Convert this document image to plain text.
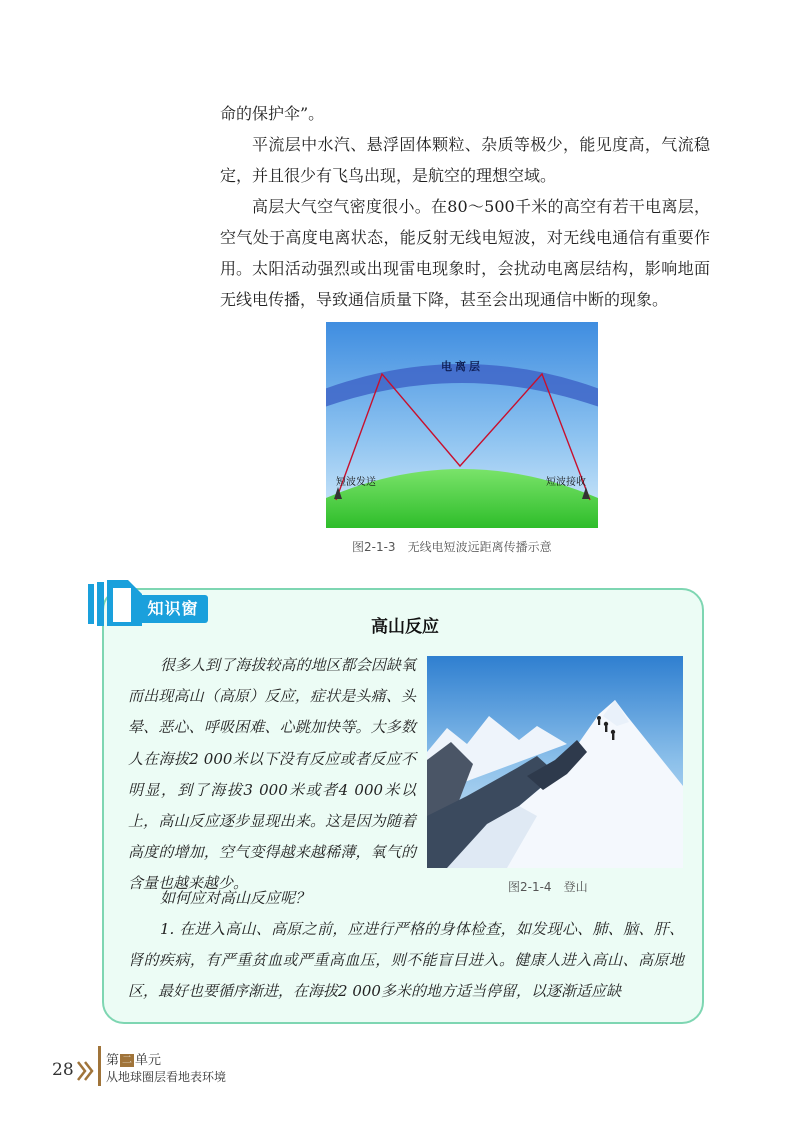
命的保护伞”。

平流层中水汽、悬浮固体颗粒、杂质等极少，能见度高，气流稳定，并且很少有飞鸟出现，是航空的理想空域。

高层大气空气密度很小。在80～500千米的高空有若干电离层，空气处于高度电离状态，能反射无线电短波，对无线电通信有重要作用。 太阳活动强烈或出现雷电现象时，会扰动电离层结构，影响地面无线电传播，导致通信质量下降，甚至会出现通信中断的现象。

电离层
短波发送	短波接收
图2-1-3　无线电短波远距离传播示意
知识窗
高山反应

很多人到了海拔较高的地区都会因缺氧而出现高山（高原）反应，症状是头痛、头晕、恶心、呼吸困难、心跳加快等。大多数人在海拔2 000米以下没有反应或者反应不明显，到了海拔3 000米或者4 000米以上，高山反应逐步显现出来。这是因为随着高度的增加，空气变得越来越稀薄，氧气的含量也越来越少。	图2-1-4　登山

如何应对高山反应呢？

1. 在进入高山、高原之前，应进行严格的身体检查，如发现心、肺、脑、肝、肾的疾病，有严重贫血或严重高血压，则不能盲目进入。健康人进入高山、高原地区，最好也要循序渐进，在海拔2 000多米的地方适当停留，以逐渐适应缺

28 第 二 单元
从地球圈层看地表环境
